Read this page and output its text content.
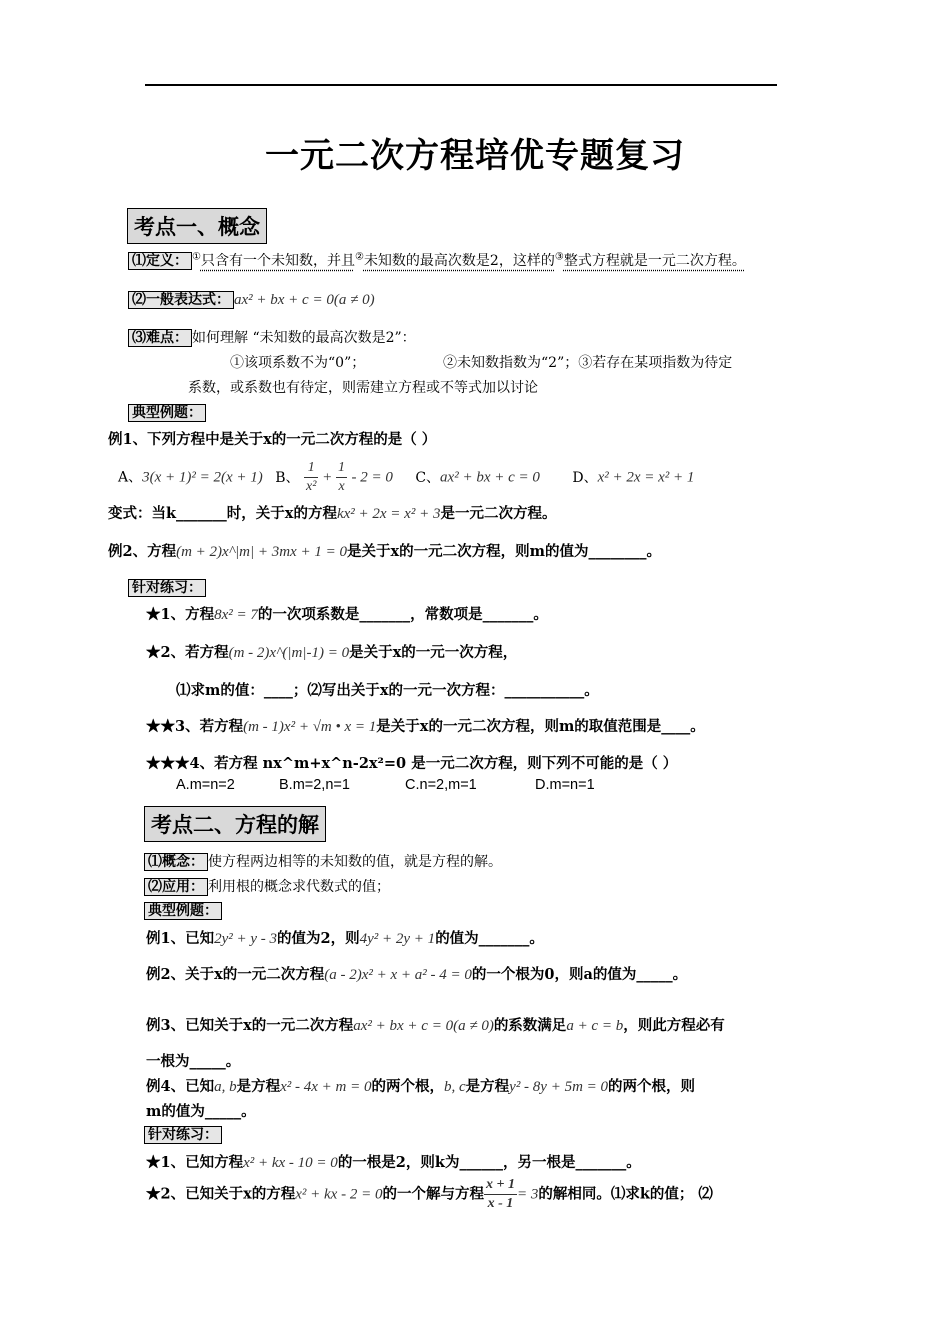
一元二次方程培优专题复习
考点一、概念
⑴定义： ①只含有一个未知数，并且②未知数的最高次数是2，这样的③整式方程就是一元二次方程。
⑵一般表达式： ax² + bx + c = 0(a ≠ 0)
⑶难点： 如何理解 “未知数的最高次数是2”：
①该项系数不为“0”；	②未知数指数为“2”；③若存在某项指数为待定
系数，或系数也有待定，则需建立方程或不等式加以讨论
典型例题：
例1、下列方程中是关于x的一元二次方程的是（ ）
A、3(x + 1)² = 2(x + 1) B、 $\frac{1}{\text{x²}} + \frac{1}{x} - 2 = 0$ C、ax² + bx + c = 0 D、x² + 2x = x² + 1
变式：当k_______时，关于x的方程kx² + 2x = x² + 3是一元二次方程。
例2、方程(m + 2)x^|m| + 3mx + 1 = 0是关于x的一元二次方程，则m的值为________。
针对练习：
★1、方程8x² = 7的一次项系数是_______，常数项是_______。
★2、若方程(m - 2)x^(|m|-1) = 0是关于x的一元一次方程，
⑴求m的值：____；⑵写出关于x的一元一次方程：___________。
★★3、若方程(m - 1)x² + √m • x = 1是关于x的一元二次方程，则m的取值范围是____。
★★★4、若方程 nx^m+x^n-2x²=0 是一元二次方程，则下列不可能的是（ ）
A.m=n=2	B.m=2,n=1	C.n=2,m=1	D.m=n=1
考点二、方程的解
⑴概念： 使方程两边相等的未知数的值，就是方程的解。
⑵应用： 利用根的概念求代数式的值；
典型例题：
例1、已知2y² + y - 3的值为2，则4y² + 2y + 1的值为_______。
例2、关于x的一元二次方程(a - 2)x² + x + a² - 4 = 0的一个根为0，则a的值为_____。
例3、已知关于x的一元二次方程ax² + bx + c = 0(a ≠ 0)的系数满足a + c = b，则此方程必有
一根为_____。
例4、已知a, b是方程x² - 4x + m = 0的两个根，b, c是方程y² - 8y + 5m = 0的两个根，则
m的值为_____。
针对练习：
★1、已知方程x² + kx - 10 = 0的一根是2，则k为______，另一根是_______。
★2、已知关于x的方程x² + kx - 2 = 0的一个解与方程 $\frac{x + 1}{x - 1} = 3$的解相同。⑴求k的值； ⑵
